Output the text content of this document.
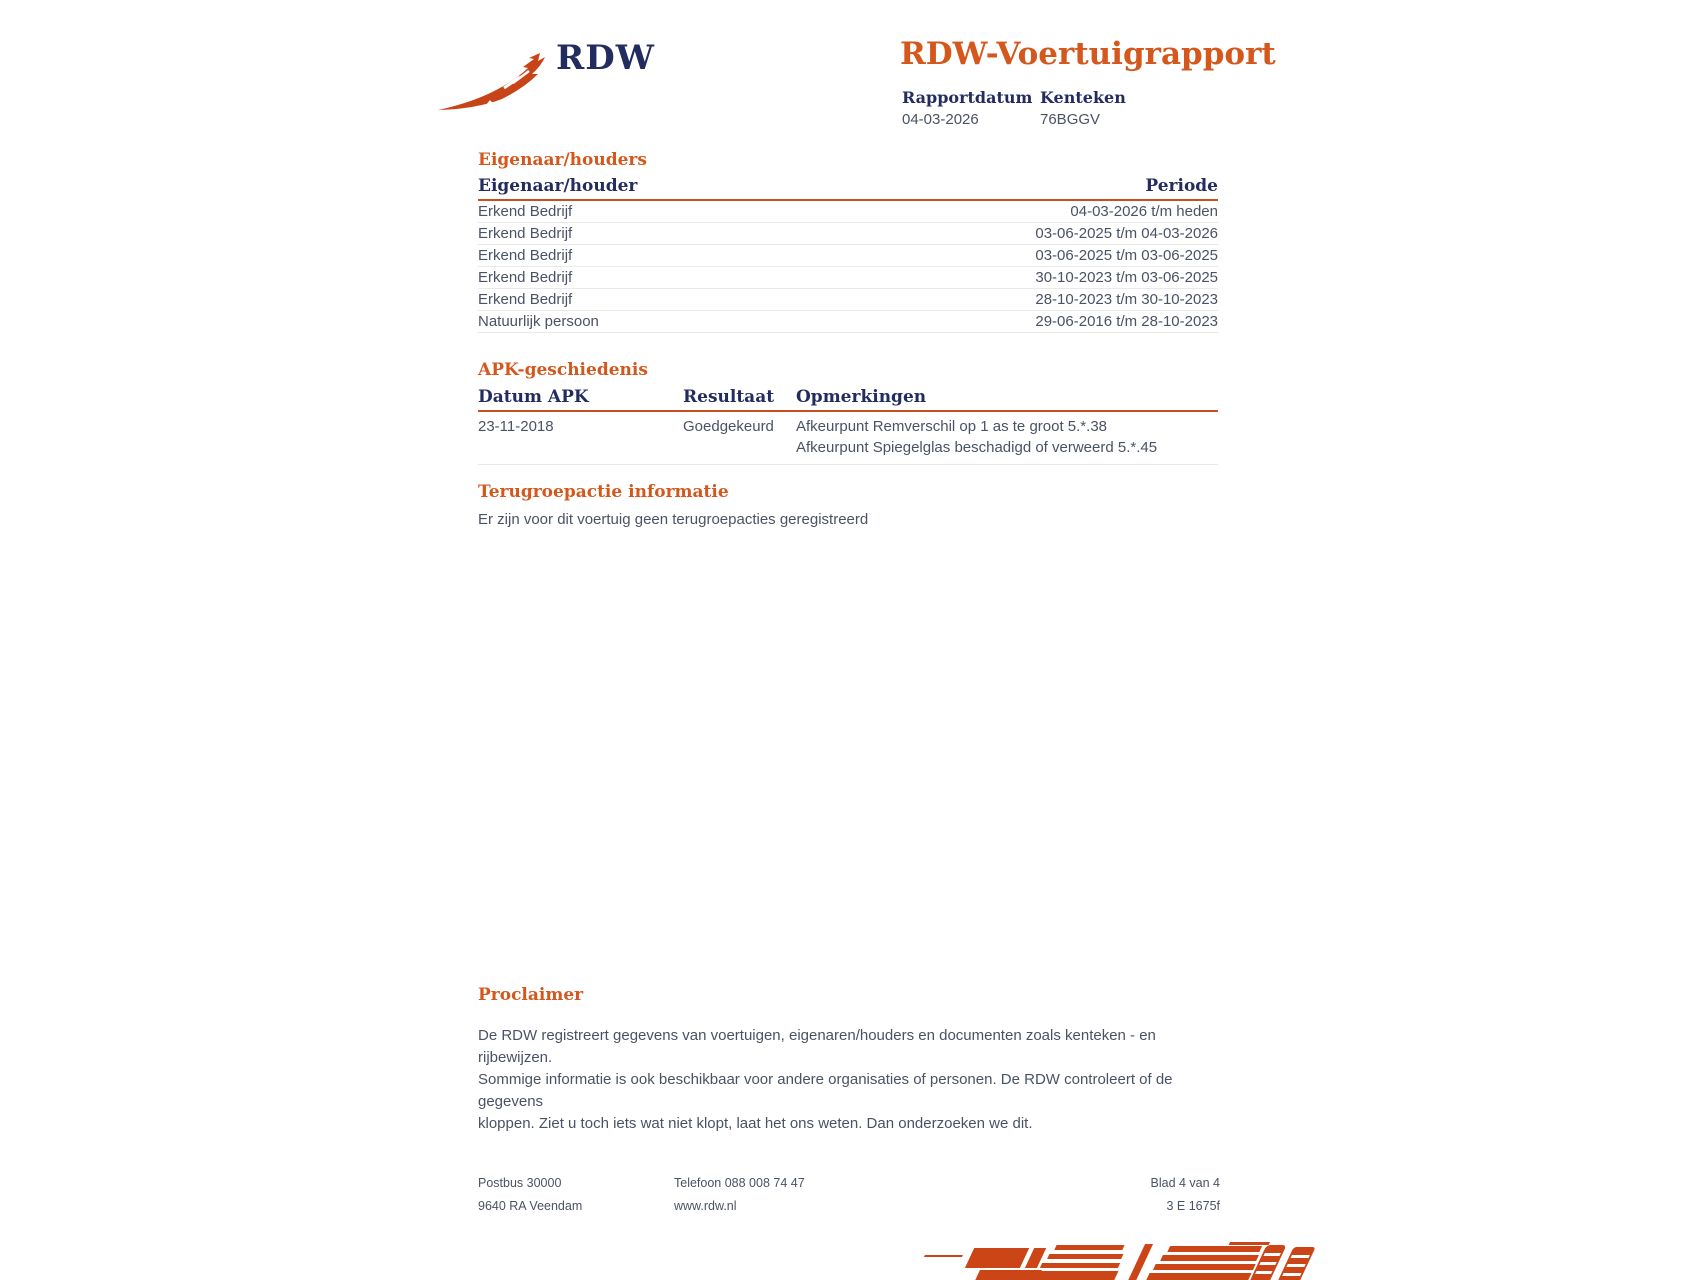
RDW	RDW-Voertuigrapport
Rapportdatum
04-03-2026
Kenteken
76BGGV
Eigenaar/houders
Eigenaar/houder	Periode
Erkend Bedrijf	04-03-2026 t/m heden
Erkend Bedrijf	03-06-2025 t/m 04-03-2026
Erkend Bedrijf	03-06-2025 t/m 03-06-2025
Erkend Bedrijf	30-10-2023 t/m 03-06-2025
Erkend Bedrijf	28-10-2023 t/m 30-10-2023
Natuurlijk persoon	29-06-2016 t/m 28-10-2023
APK-geschiedenis
Datum APK	Resultaat	Opmerkingen
23-11-2018	Goedgekeurd	Afkeurpunt Remverschil op 1 as te groot 5.*.38
Afkeurpunt Spiegelglas beschadigd of verweerd 5.*.45
Terugroepactie informatie
Er zijn voor dit voertuig geen terugroepacties geregistreerd
Proclaimer
De RDW registreert gegevens van voertuigen, eigenaren/houders en documenten zoals kenteken - en rijbewijzen.
Sommige informatie is ook beschikbaar voor andere organisaties of personen. De RDW controleert of de gegevens
kloppen. Ziet u toch iets wat niet klopt, laat het ons weten. Dan onderzoeken we dit.
Postbus 30000	Telefoon 088 008 74 47	Blad 4 van 4
9640 RA Veendam	www.rdw.nl	3 E 1675f
